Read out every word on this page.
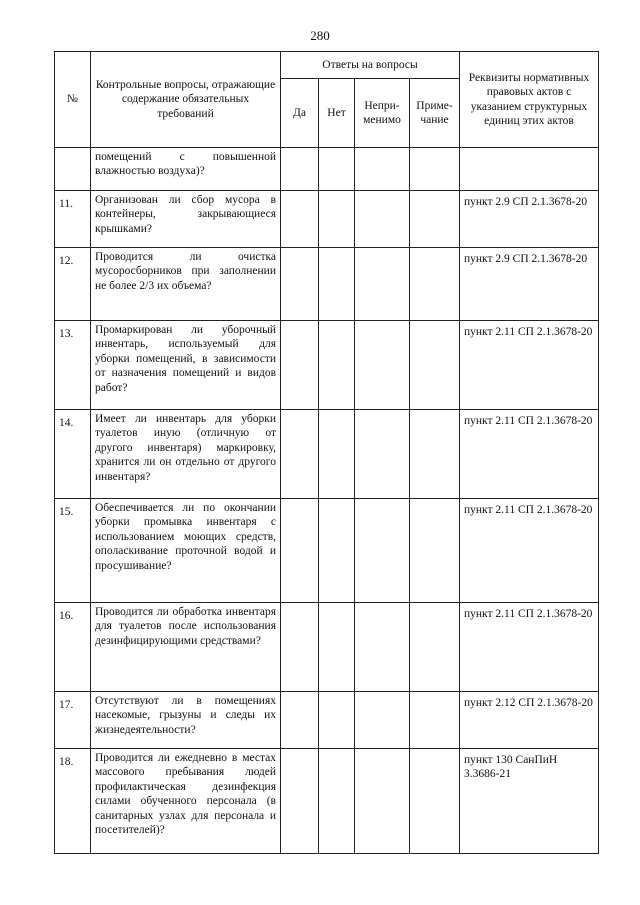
280
№	Контрольные вопросы, отражающие содержание обязательных требований	Ответы на вопросы				Реквизиты нормативных правовых актов с указанием структурных единиц этих актов
		Да	Нет	Непри-менимо	Приме-чание	
	помещений с повышенной влажностью воздуха)?					
11.	Организован ли сбор мусора в контейнеры, закрывающиеся крышками?					пункт 2.9 СП 2.1.3678-20
12.	Проводится ли очистка мусоросборников при заполнении не более 2/3 их объема?					пункт 2.9 СП 2.1.3678-20
13.	Промаркирован ли уборочный инвентарь, используемый для уборки помещений, в зависимости от назначения помещений и видов работ?					пункт 2.11 СП 2.1.3678-20
14.	Имеет ли инвентарь для уборки туалетов иную (отличную от другого инвентаря) маркировку, хранится ли он отдельно от другого инвентаря?					пункт 2.11 СП 2.1.3678-20
15.	Обеспечивается ли по окончании уборки промывка инвентаря с использованием моющих средств, ополаскивание проточной водой и просушивание?					пункт 2.11 СП 2.1.3678-20
16.	Проводится ли обработка инвентаря для туалетов после использования дезинфицирующими средствами?					пункт 2.11 СП 2.1.3678-20
17.	Отсутствуют ли в помещениях насекомые, грызуны и следы их жизнедеятельности?					пункт 2.12 СП 2.1.3678-20
18.	Проводится ли ежедневно в местах массового пребывания людей профилактическая дезинфекция силами обученного персонала (в санитарных узлах для персонала и посетителей)?					пункт 130 СанПиН 3.3686-21
